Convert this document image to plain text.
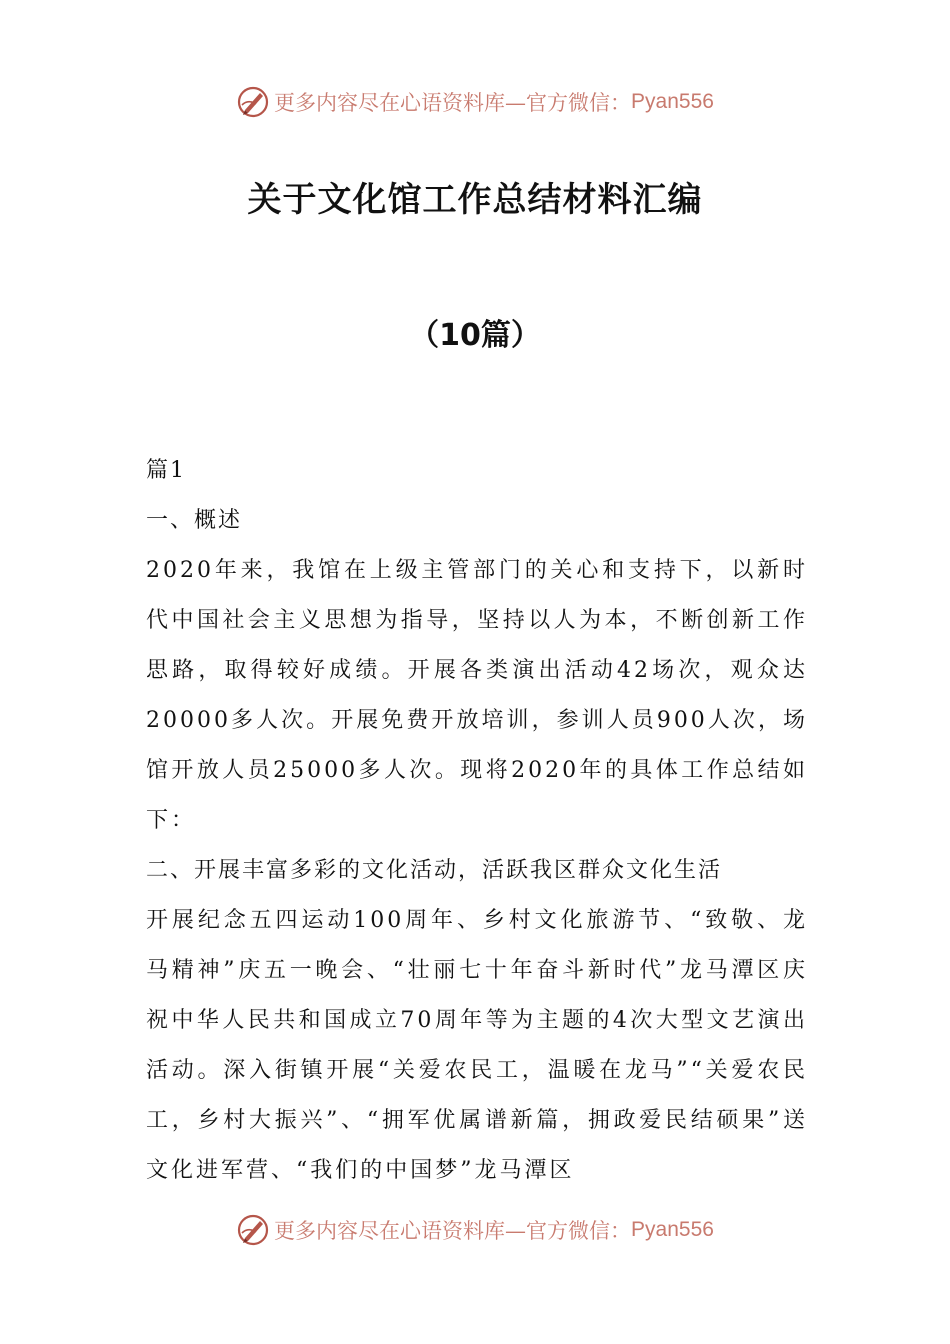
更多内容尽在心语资料库—官方微信： Pyan556
关于文化馆工作总结材料汇编
（10篇）

篇1

一、概述

2020年来，我馆在上级主管部门的关心和支持下，以新时代中国社会主义思想为指导，坚持以人为本，不断创新工作思路，取得较好成绩。开展各类演出活动42场次，观众达20000多人次。开展免费开放培训，参训人员900人次，场馆开放人员25000多人次。现将2020年的具体工作总结如下：

二、开展丰富多彩的文化活动，活跃我区群众文化生活

开展纪念五四运动100周年、乡村文化旅游节、“致敬、龙马精神”庆五一晚会、“壮丽七十年奋斗新时代”龙马潭区庆祝中华人民共和国成立70周年等为主题的4次大型文艺演出活动。深入街镇开展“关爱农民工，温暖在龙马”“关爱农民工，乡村大振兴”、“拥军优属谱新篇，拥政爱民结硕果”送文化进军营、“我们的中国梦”龙马潭区

更多内容尽在心语资料库—官方微信： Pyan556
